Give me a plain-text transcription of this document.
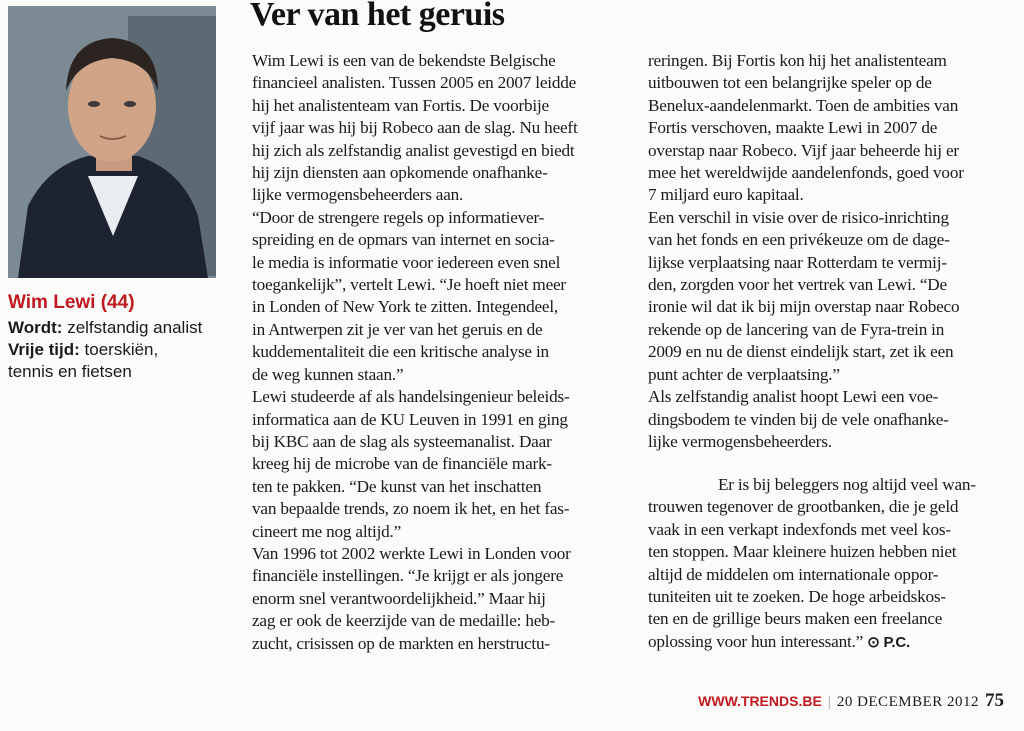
Wim Lewi (44)
Wordt: zelfstandig analist
Vrije tijd: toerskiën, tennis en fietsen
Ver van het geruis

Wim Lewi is een van de bekendste Belgische

financieel analisten. Tussen 2005 en 2007 leidde

hij het analistenteam van Fortis. De voorbije

vijf jaar was hij bij Robeco aan de slag. Nu heeft

hij zich als zelfstandig analist gevestigd en biedt

hij zijn diensten aan opkomende onafhanke-

lijke vermogensbeheerders aan.

“Door de strengere regels op informatiever-

spreiding en de opmars van internet en socia-

le media is informatie voor iedereen even snel

toegankelijk”, vertelt Lewi. “Je hoeft niet meer

in Londen of New York te zitten. Integendeel,

in Antwerpen zit je ver van het geruis en de

kuddementaliteit die een kritische analyse in

de weg kunnen staan.”

Lewi studeerde af als handelsingenieur beleids-

informatica aan de KU Leuven in 1991 en ging

bij KBC aan de slag als systeemanalist. Daar

kreeg hij de microbe van de financiële mark-

ten te pakken. “De kunst van het inschatten

van bepaalde trends, zo noem ik het, en het fas-

cineert me nog altijd.”

Van 1996 tot 2002 werkte Lewi in Londen voor

financiële instellingen. “Je krijgt er als jongere

enorm snel verantwoordelijkheid.” Maar hij

zag er ook de keerzijde van de medaille: heb-

zucht, crisissen op de markten en herstructu-

reringen. Bij Fortis kon hij het analistenteam

uitbouwen tot een belangrijke speler op de

Benelux-aandelenmarkt. Toen de ambities van

Fortis verschoven, maakte Lewi in 2007 de

overstap naar Robeco. Vijf jaar beheerde hij er

mee het wereldwijde aandelenfonds, goed voor

7 miljard euro kapitaal.

Een verschil in visie over de risico-inrichting

van het fonds en een privékeuze om de dage-

lijkse verplaatsing naar Rotterdam te vermij-

den, zorgden voor het vertrek van Lewi. “De

ironie wil dat ik bij mijn overstap naar Robeco

rekende op de lancering van de Fyra-trein in

2009 en nu de dienst eindelijk start, zet ik een

punt achter de verplaatsing.”

Als zelfstandig analist hoopt Lewi een voe-

dingsbodem te vinden bij de vele onafhanke-

lijke vermogensbeheerders.

Er is bij beleggers nog altijd veel wan-

trouwen tegenover de grootbanken, die je geld

vaak in een verkapt indexfonds met veel kos-

ten stoppen. Maar kleinere huizen hebben niet

altijd de middelen om internationale oppor-

tuniteiten uit te zoeken. De hoge arbeidskos-

ten en de grillige beurs maken een freelance

oplossing voor hun interessant.” ⊙ P.C.

WWW.TRENDS.BE | 20 DECEMBER 2012 75
